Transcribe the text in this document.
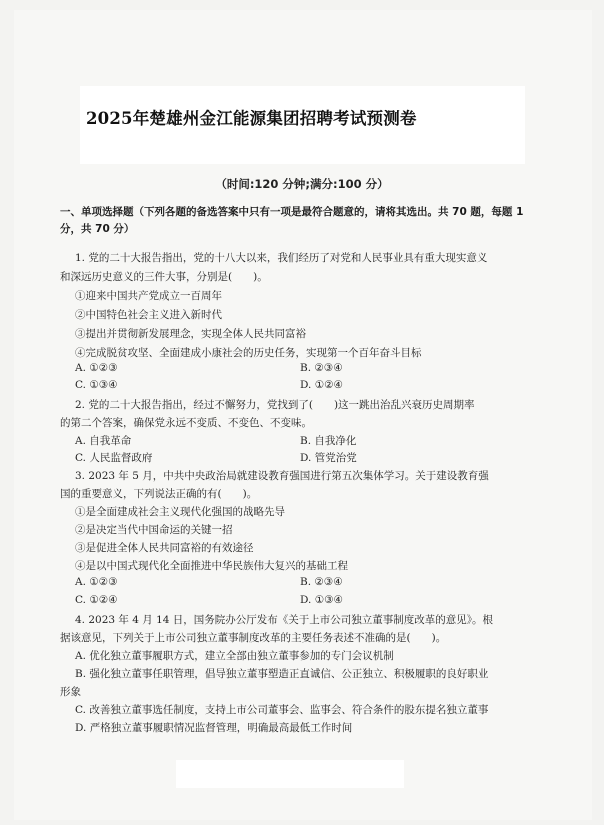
2025年楚雄州金江能源集团招聘考试预测卷
（时间:120 分钟;满分:100 分）
一、单项选择题（下列各题的备选答案中只有一项是最符合题意的，请将其选出。共 70 题，每题 1 分，共 70 分）
1. 党的二十大报告指出，党的十八大以来，我们经历了对党和人民事业具有重大现实意义
和深远历史意义的三件大事，分别是(　　)。
①迎来中国共产党成立一百周年
②中国特色社会主义进入新时代
③提出并贯彻新发展理念，实现全体人民共同富裕
④完成脱贫攻坚、全面建成小康社会的历史任务，实现第一个百年奋斗目标
A. ①②③	B. ②③④
C. ①③④	D. ①②④
2. 党的二十大报告指出，经过不懈努力，党找到了(　　)这一跳出治乱兴衰历史周期率
的第二个答案，确保党永远不变质、不变色、不变味。
A. 自我革命	B. 自我净化
C. 人民监督政府	D. 管党治党
3. 2023 年 5 月，中共中央政治局就建设教育强国进行第五次集体学习。关于建设教育强
国的重要意义，下列说法正确的有(　　)。
①是全面建成社会主义现代化强国的战略先导
②是决定当代中国命运的关键一招
③是促进全体人民共同富裕的有效途径
④是以中国式现代化全面推进中华民族伟大复兴的基础工程
A. ①②③	B. ②③④
C. ①②④	D. ①③④
4. 2023 年 4 月 14 日，国务院办公厅发布《关于上市公司独立董事制度改革的意见》。根
据该意见，下列关于上市公司独立董事制度改革的主要任务表述不准确的是(　　)。
A. 优化独立董事履职方式，建立全部由独立董事参加的专门会议机制
B. 强化独立董事任职管理，倡导独立董事塑造正直诚信、公正独立、积极履职的良好职业
形象
C. 改善独立董事选任制度，支持上市公司董事会、监事会、符合条件的股东提名独立董事
D. 严格独立董事履职情况监督管理，明确最高最低工作时间
